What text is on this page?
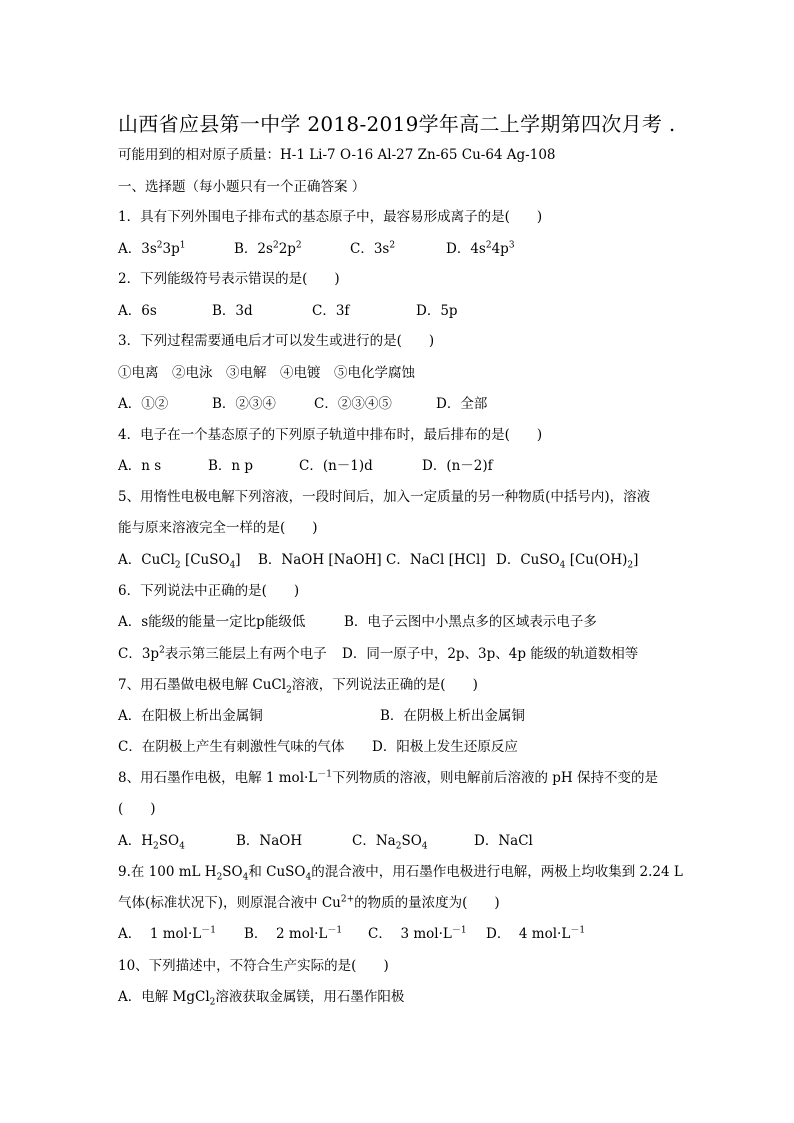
山西省应县第一中学 2018-2019学年高二上学期第四次月考 .
可能用到的相对原子质量：H-1 Li-7 O-16 Al-27 Zn-65 Cu-64 Ag-108
一、选择题（每小题只有一个正确答案 ）
1．具有下列外围电子排布式的基态原子中，最容易形成离子的是(　　)
A．$3s^23p^1$	B．$2s^22p^2$	C．$3s^2$	D．$4s^24p^3$
2．下列能级符号表示错误的是(　　)
A．6s	B．3d	C．3f	D．5p
3．下列过程需要通电后才可以发生或进行的是(　　)
①电离　②电泳　③电解　④电镀　⑤电化学腐蚀
A．①②	B．②③④	C．②③④⑤	D．全部
4．电子在一个基态原子的下列原子轨道中排布时，最后排布的是(　　)
A．n s	B．n p	C．(n－1)d	D．(n－2)f
5、用惰性电极电解下列溶液，一段时间后，加入一定质量的另一种物质(中括号内)，溶液
能与原来溶液完全一样的是(　　)
A．CuCl$_2$ [CuSO$_4$] B．NaOH [NaOH] C．NaCl [HCl] D．CuSO$_4$ $[Cu(OH)_2]$
6．下列说法中正确的是(　　)
A．s能级的能量一定比p能级低	B．电子云图中小黑点多的区域表示电子多
C．$3p^2$表示第三能层上有两个电子 D．同一原子中，2p、3p、4p 能级的轨道数相等
7、用石墨做电极电解 CuCl$_2$溶液，下列说法正确的是(　　)
A．在阳极上析出金属铜	B．在阴极上析出金属铜
C．在阴极上产生有刺激性气味的气体 D．阳极上发生还原反应
8、用石墨作电极，电解 1 $mol\cdot L^{-1}$下列物质的溶液，则电解前后溶液的 pH 保持不变的是
(　　)
A．$H_2SO_4$	B．NaOH	C．$Na_2SO_4$	D．NaCl
9.在 100 mL $H_2SO_4$和 CuSO$_4$的混合液中，用石墨作电极进行电解，两极上均收集到 2.24 L
气体(标准状况下)，则原混合液中 $Cu^{2+}$的物质的量浓度为(　　)
A． 1 $mol\cdot L^{-1}$ B． 2 $mol\cdot L^{-1}$ C． 3 $mol\cdot L^{-1}$ D． 4 $mol\cdot L^{-1}$
10、下列描述中，不符合生产实际的是(　　)
A．电解 MgCl$_2$溶液获取金属镁，用石墨作阳极
